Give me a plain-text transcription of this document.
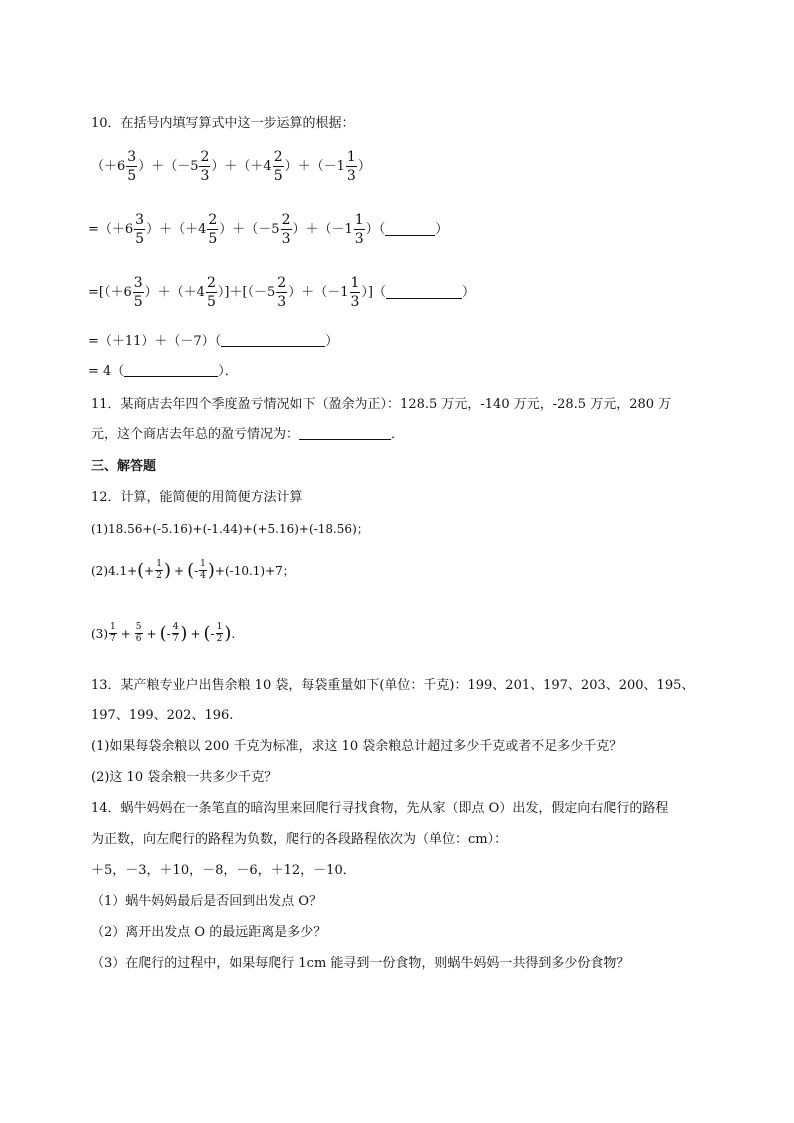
10．在括号内填写算式中这一步运算的根据：
$(+6 \frac{3}{5} )+(-5 \frac{2}{3} )+(+4 \frac{2}{5} )+(-1 \frac{1}{3}$ ）
$=(+6 \frac{3}{5} )+(+4 \frac{2}{5} )+(-5 \frac{2}{3} )+(-1 \frac{1}{3}$ ）（	）
$=[(+6 \frac{3}{5} )+(+4 \frac{2}{5} )]+[(-5 \frac{2}{3} )+(-1 \frac{1}{3}$ ）]（	）
=（＋11）＋（－7）（	）
= 4（	）．
11．某商店去年四个季度盈亏情况如下（盈余为正）：128.5 万元，-140 万元，-28.5 万元，280 万
元，这个商店去年总的盈亏情况为：	．
三、解答题
12．计算，能简便的用简便方法计算
(1)18.56+(-5.16)+(-1.44)+(+5.16)+(-18.56)；
(2)4.1+ ( + $\frac{1}{2}$ ) + ( - $\frac{1}{4}$ ) +(-10.1)+7；
$(3) \frac{1}{7} + \frac{5}{6}$ + ( - $\frac{4}{7}$ ) + ( - $\frac{1}{2}$ ) .
13．某产粮专业户出售余粮 10 袋，每袋重量如下(单位：千克)：199、201、197、203、200、195、
197、199、202、196.
(1)如果每袋余粮以 200 千克为标准，求这 10 袋余粮总计超过多少千克或者不足多少千克？
(2)这 10 袋余粮一共多少千克？
14．蜗牛妈妈在一条笔直的暗沟里来回爬行寻找食物，先从家（即点 O）出发，假定向右爬行的路程
为正数，向左爬行的路程为负数，爬行的各段路程依次为（单位：cm）：
＋5，－3，＋10，－8，－6，＋12，－10．
（1）蜗牛妈妈最后是否回到出发点 O？
（2）离开出发点 O 的最远距离是多少？
（3）在爬行的过程中，如果每爬行 1cm 能寻到一份食物，则蜗牛妈妈一共得到多少份食物？
